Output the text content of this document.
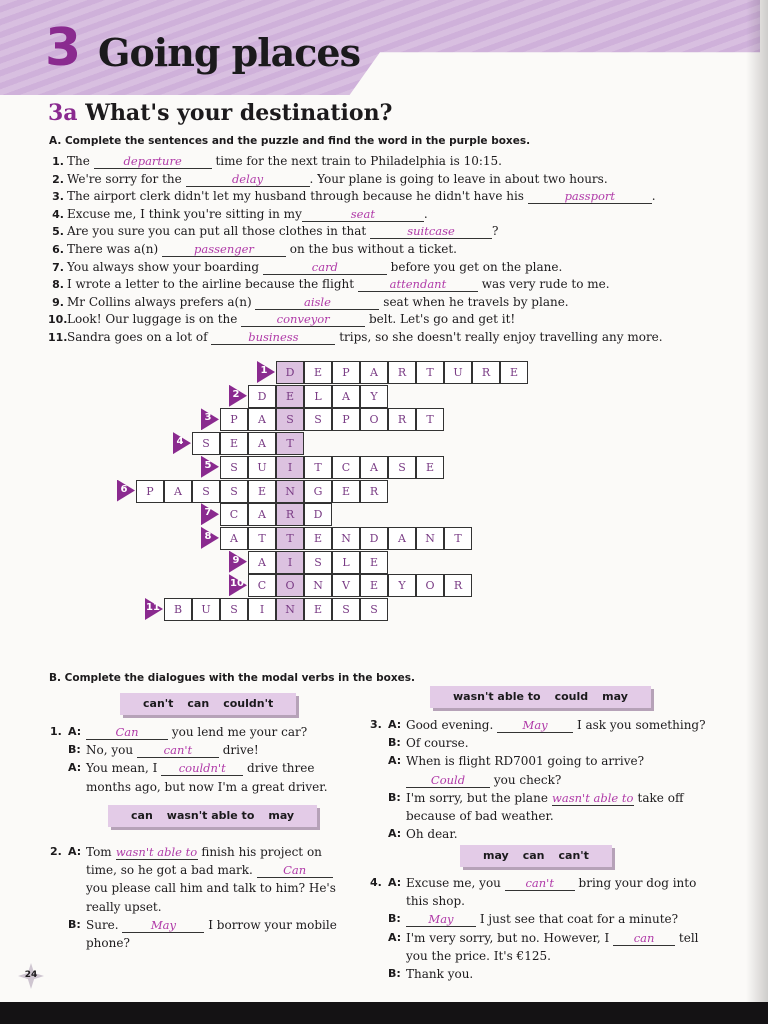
3 Going places
3a What's your destination?
A. Complete the sentences and the puzzle and find the word in the purple boxes.
1. The	departure time for the next train to Philadelphia is 10:15.
2. We're sorry for the	delay	. Your plane is going to leave in about two hours.
3. The airport clerk didn't let my husband through because he didn't have his	passport	.
4. Excuse me, I think you're sitting in my	seat	.
5. Are you sure you can put all those clothes in that	suitcase	?
6. There was a(n)	passenger	on the bus without a ticket.
7. You always show your boarding	card	before you get on the plane.
8. I wrote a letter to the airline because the flight	attendant	was very rude to me.
9. Mr Collins always prefers a(n)	aisle	seat when he travels by plane.
10.Look! Our luggage is on the	conveyor	belt. Let's go and get it!
11.Sandra goes on a lot of	business	trips, so she doesn't really enjoy travelling any more.
1	D	E	P	A	R	T	U	R	E
2	D	E	L	A	Y
3	P	A	S	S	P	O	R	T
4	S	E	A	T
5	S	U	I	T	C	A	S	E
6	P	A	S	S	E	N	G	E	R
7	C	A	R	D
8	A	T	T	E	N	D	A	N	T
9	A	I	S	L	E
10	C	O	N	V	E	Y	O	R
11	B	U	S	I	N	E	S	S
B. Complete the dialogues with the modal verbs in the boxes.
can't can couldn't
can wasn't able to may
wasn't able to could may
may can can't
1. A:	Can you lend me your car?
B: No, you can't drive!
A: You mean, I couldn't drive three
months ago, but now I'm a great driver.
2. A: Tom wasn't able to finish his project on
time, so he got a bad mark. Can
you please call him and talk to him? He's
really upset.
B: Sure. May I borrow your mobile
phone?
3. A: Good evening. May I ask you something?
B: Of course.
A: When is flight RD7001 going to arrive?
Could you check?
B: I'm sorry, but the plane wasn't able to take off
because of bad weather.
A: Oh dear.
4. A: Excuse me, you can't bring your dog into
this shop.
B:	May I just see that coat for a minute?
A: I'm very sorry, but no. However, I can tell
you the price. It's €125.
B: Thank you.
24
